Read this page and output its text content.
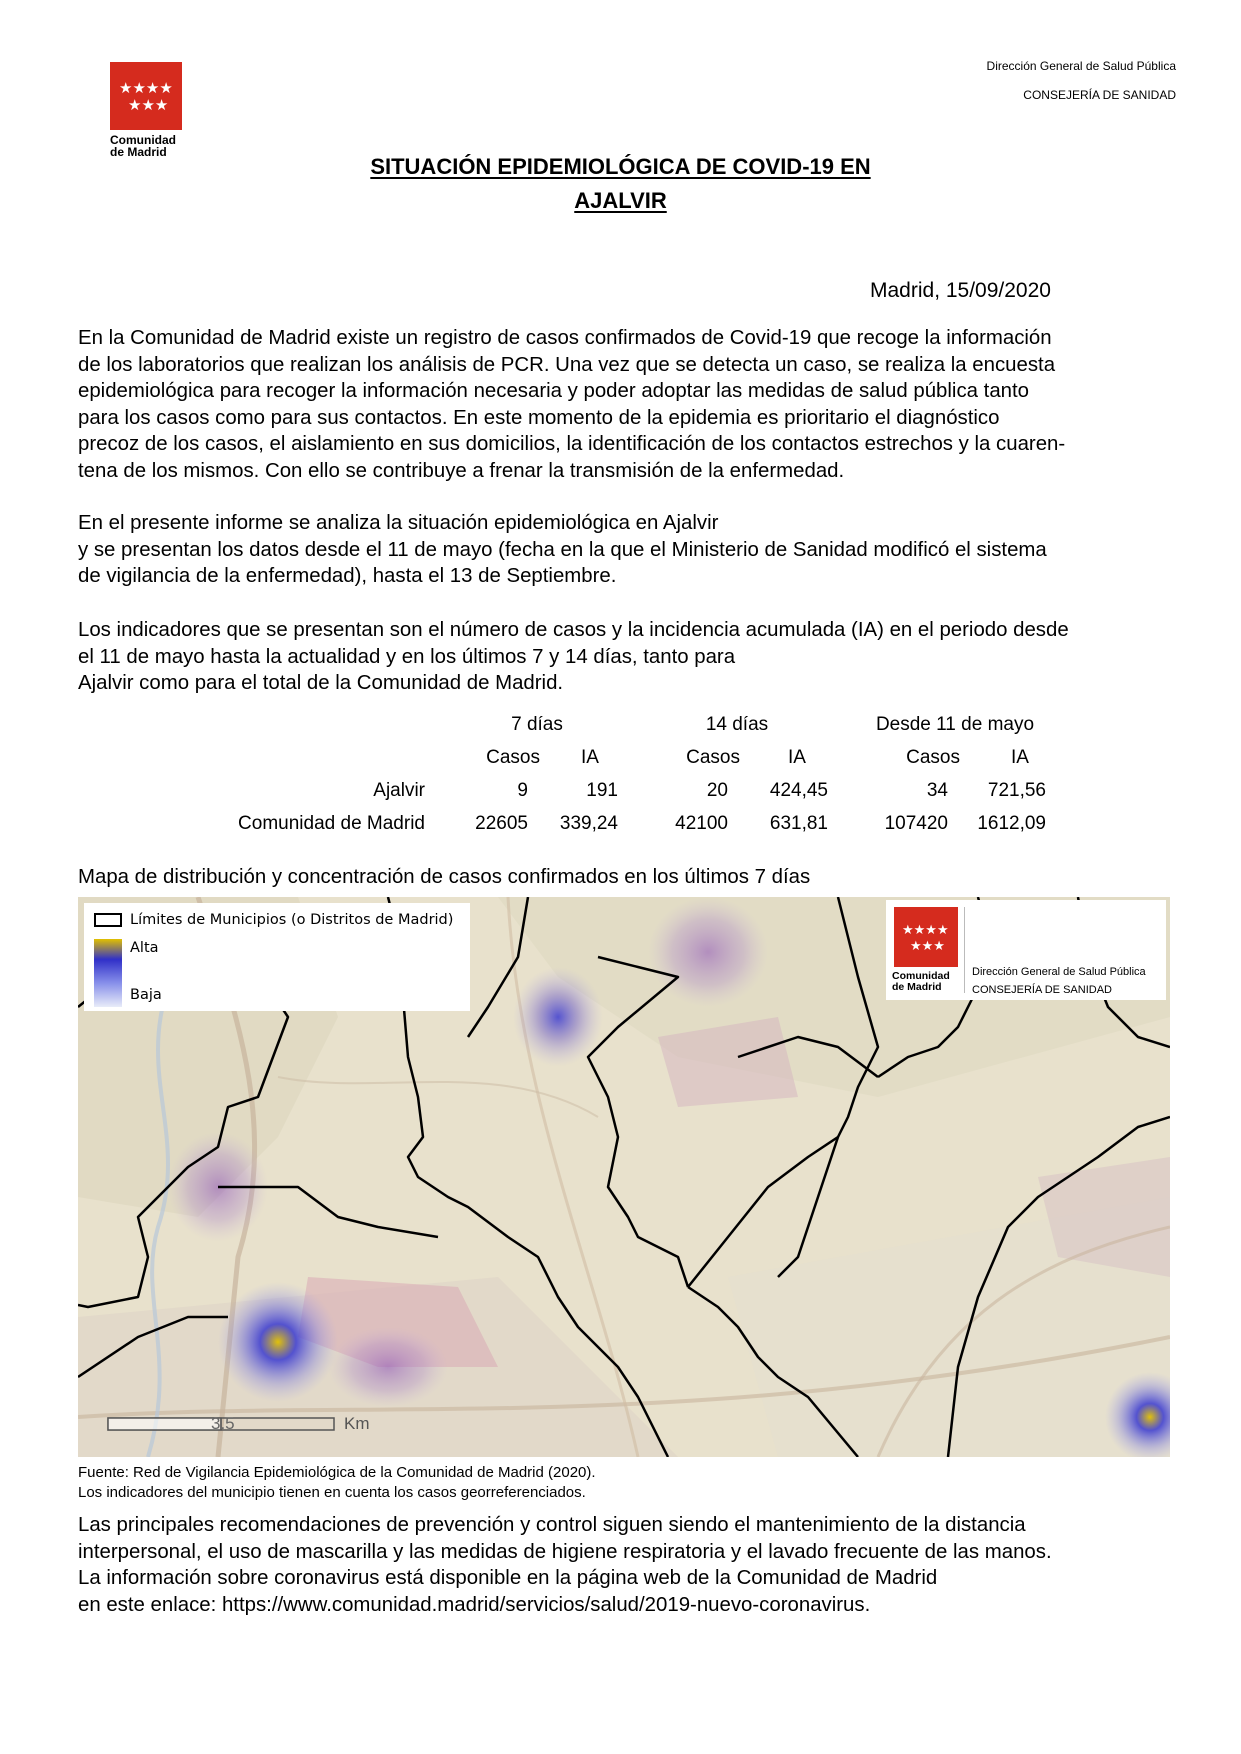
★★★★
★★★
Comunidad
de Madrid
Dirección General de Salud Pública
CONSEJERÍA DE SANIDAD
SITUACIÓN EPIDEMIOLÓGICA DE COVID-19 EN
AJALVIR
Madrid, 15/09/2020
En la Comunidad de Madrid existe un registro de casos confirmados de Covid-19 que recoge la información
de los laboratorios que realizan los análisis de PCR. Una vez que se detecta un caso, se realiza la encuesta
epidemiológica para recoger la información necesaria y poder adoptar las medidas de salud pública tanto
para los casos como para sus contactos. En este momento de la epidemia es prioritario el diagnóstico
precoz de los casos, el aislamiento en sus domicilios, la identificación de los contactos estrechos y la cuaren-
tena de los mismos. Con ello se contribuye a frenar la transmisión de la enfermedad.
En el presente informe se analiza la situación epidemiológica en Ajalvir
y se presentan los datos desde el 11 de mayo (fecha en la que el Ministerio de Sanidad modificó el sistema
de vigilancia de la enfermedad), hasta el 13 de Septiembre.
Los indicadores que se presentan son el número de casos y la incidencia acumulada (IA) en el periodo desde
el 11 de mayo hasta la actualidad y en los últimos 7 y 14 días, tanto para
Ajalvir como para el total de la Comunidad de Madrid.
	7 días		14 días		Desde 11 de mayo	
	Casos	IA	Casos	IA	Casos	IA
Ajalvir	9	191	20	424,45	34	721,56
Comunidad de Madrid	22605	339,24	42100	631,81	107420	1612,09
Mapa de distribución y concentración de casos confirmados en los últimos 7 días
Límites de Municipios (o Distritos de Madrid)
Alta
Baja
★★★★
★★★
Comunidad
de Madrid
Dirección General de Salud Pública
CONSEJERÍA DE SANIDAD
3.5	Km
Fuente: Red de Vigilancia Epidemiológica de la Comunidad de Madrid (2020).
Los indicadores del municipio tienen en cuenta los casos georreferenciados.
Las principales recomendaciones de prevención y control siguen siendo el mantenimiento de la distancia
interpersonal, el uso de mascarilla y las medidas de higiene respiratoria y el lavado frecuente de las manos.
La información sobre coronavirus está disponible en la página web de la Comunidad de Madrid
en este enlace: https://www.comunidad.madrid/servicios/salud/2019-nuevo-coronavirus.
